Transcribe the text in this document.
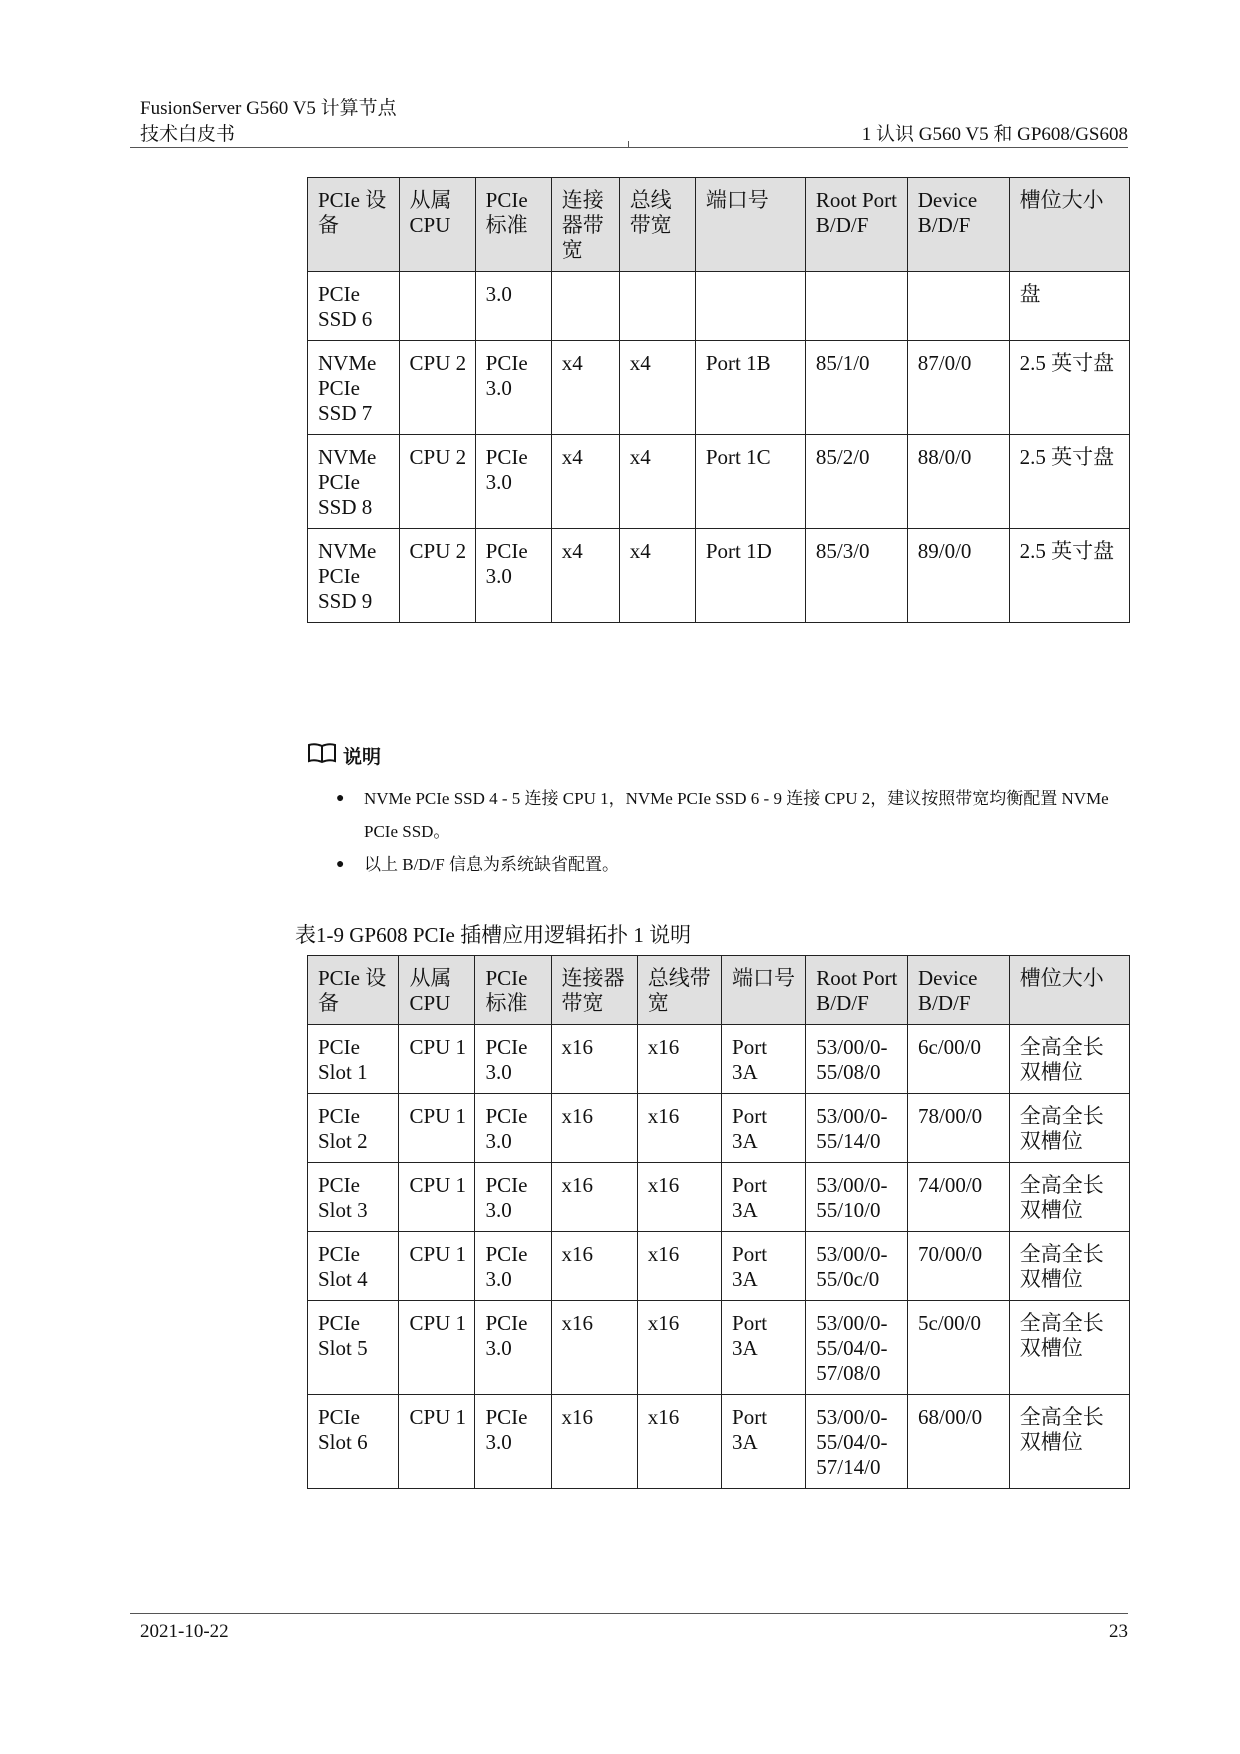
FusionServer G560 V5 计算节点
技术白皮书	1 认识 G560 V5 和 GP608/GS608
PCIe 设备	从属 CPU	PCIe 标准	连接器带宽	总线带宽	端口号	Root Port B/D/F	Device B/D/F	槽位大小
PCIe SSD 6		3.0						盘
NVMe PCIe SSD 7	CPU 2	PCIe 3.0	x4	x4	Port 1B	85/1/0	87/0/0	2.5 英寸盘
NVMe PCIe SSD 8	CPU 2	PCIe 3.0	x4	x4	Port 1C	85/2/0	88/0/0	2.5 英寸盘
NVMe PCIe SSD 9	CPU 2	PCIe 3.0	x4	x4	Port 1D	85/3/0	89/0/0	2.5 英寸盘
说明
●	NVMe PCIe SSD 4 - 5 连接 CPU 1，NVMe PCIe SSD 6 - 9 连接 CPU 2，建议按照带宽均衡配置 NVMe PCIe SSD。
●	以上 B/D/F 信息为系统缺省配置。
表1-9 GP608 PCIe 插槽应用逻辑拓扑 1 说明
PCIe 设备	从属 CPU	PCIe 标准	连接器带宽	总线带宽	端口号	Root Port B/D/F	Device B/D/F	槽位大小
PCIe Slot 1	CPU 1	PCIe 3.0	x16	x16	Port 3A	53/00/0-55/08/0	6c/00/0	全高全长双槽位
PCIe Slot 2	CPU 1	PCIe 3.0	x16	x16	Port 3A	53/00/0-55/14/0	78/00/0	全高全长双槽位
PCIe Slot 3	CPU 1	PCIe 3.0	x16	x16	Port 3A	53/00/0-55/10/0	74/00/0	全高全长双槽位
PCIe Slot 4	CPU 1	PCIe 3.0	x16	x16	Port 3A	53/00/0-55/0c/0	70/00/0	全高全长双槽位
PCIe Slot 5	CPU 1	PCIe 3.0	x16	x16	Port 3A	53/00/0-55/04/0-57/08/0	5c/00/0	全高全长双槽位
PCIe Slot 6	CPU 1	PCIe 3.0	x16	x16	Port 3A	53/00/0-55/04/0-57/14/0	68/00/0	全高全长双槽位
2021-10-22	23
